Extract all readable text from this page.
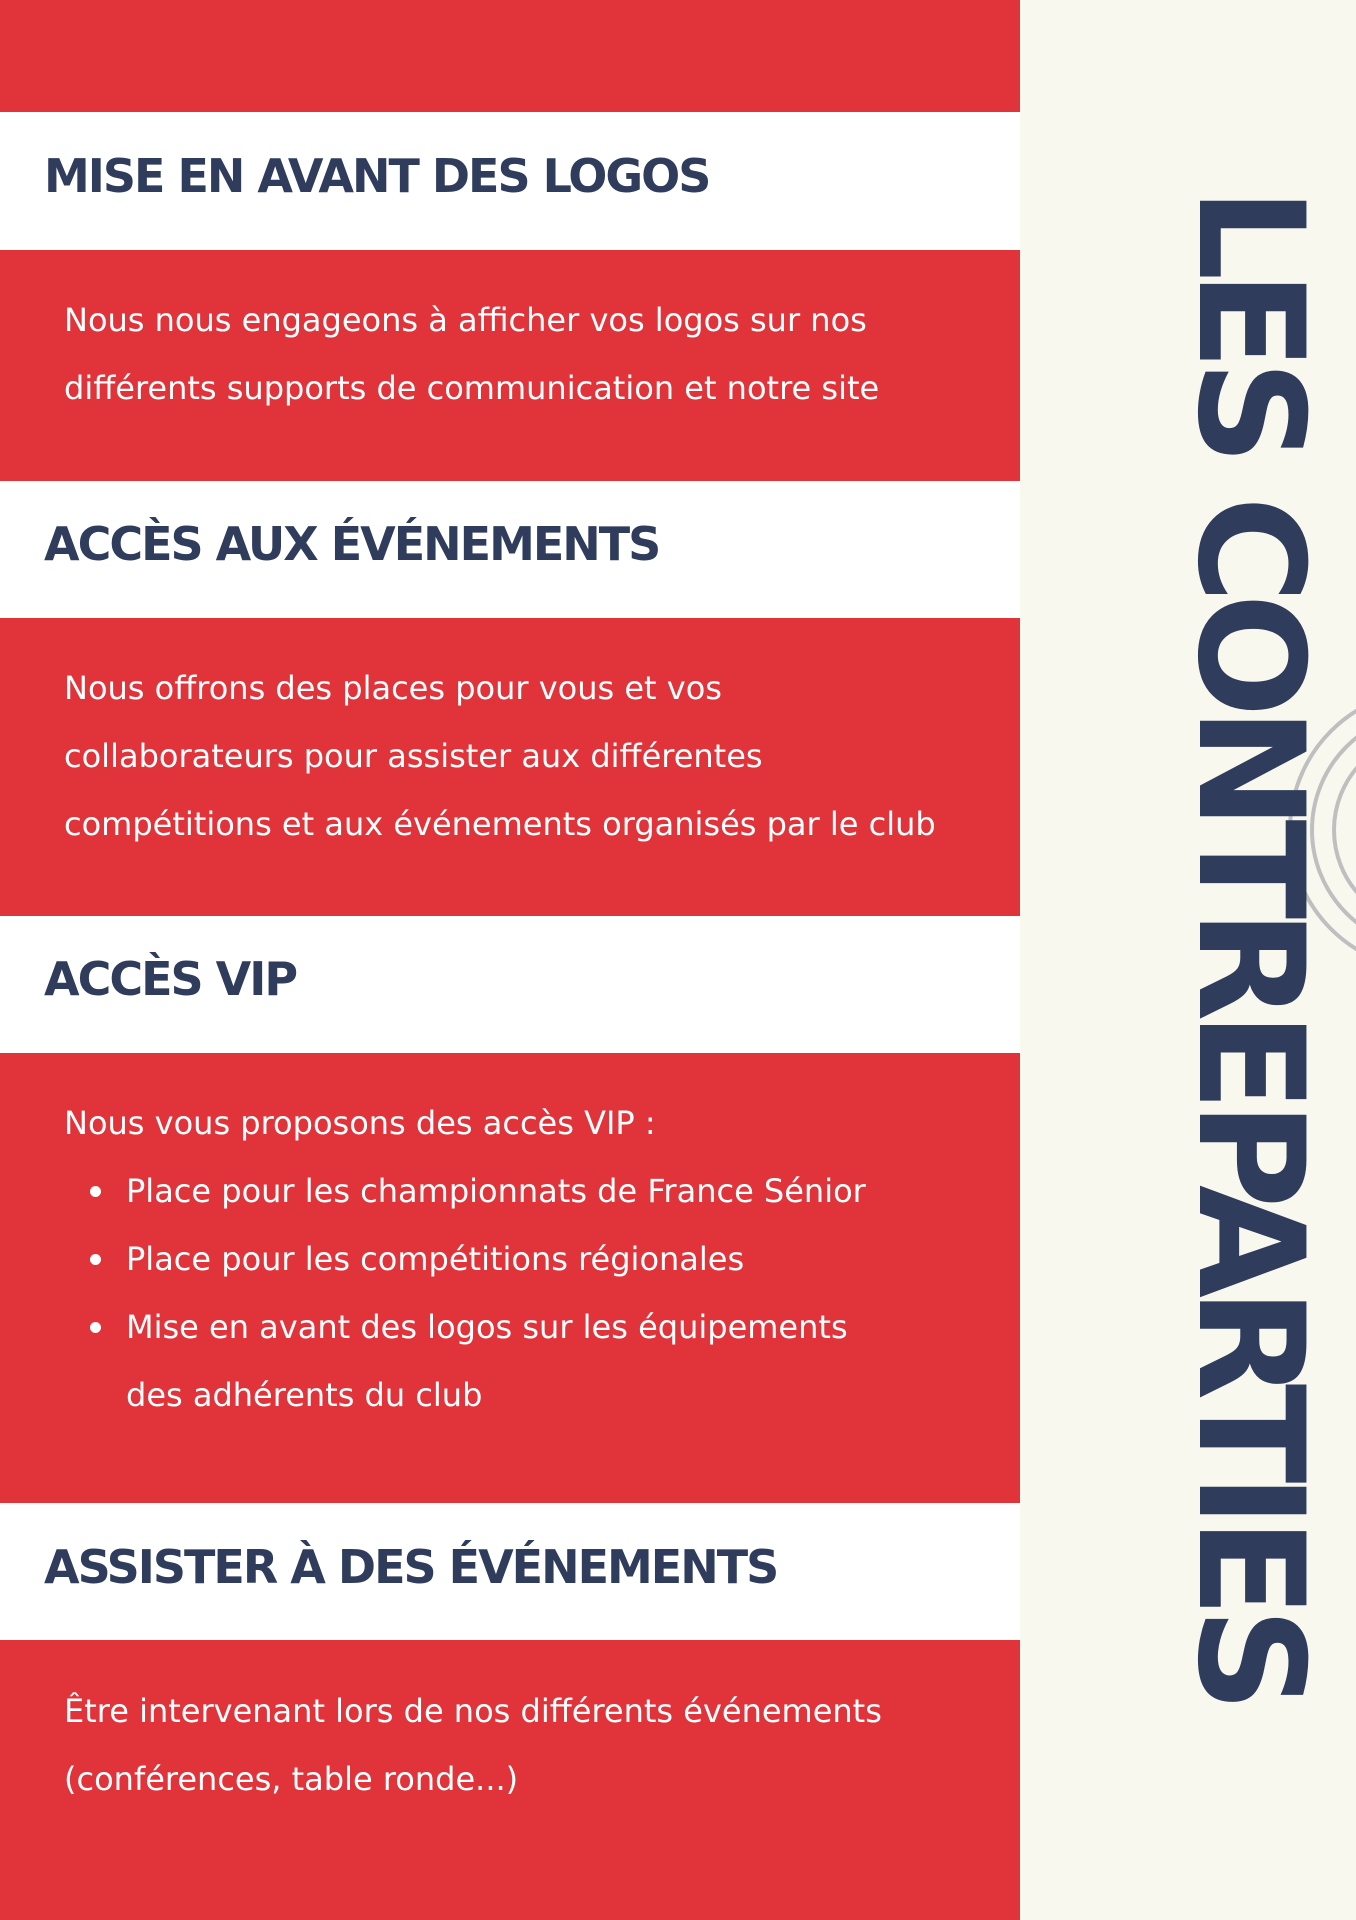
MISE EN AVANT DES LOGOS

Nous nous engageons à afficher vos logos sur nos

différents supports de communication et notre site

ACCÈS AUX ÉVÉNEMENTS

Nous offrons des places pour vous et vos

collaborateurs pour assister aux différentes

compétitions et aux événements organisés par le club

ACCÈS VIP

Nous vous proposons des accès VIP :

Place pour les championnats de France Sénior
Place pour les compétitions régionales
Mise en avant des logos sur les équipements des adhérents du club
ASSISTER À DES ÉVÉNEMENTS

Être intervenant lors de nos différents événements

(conférences, table ronde...)

LES CONTREPARTIES
